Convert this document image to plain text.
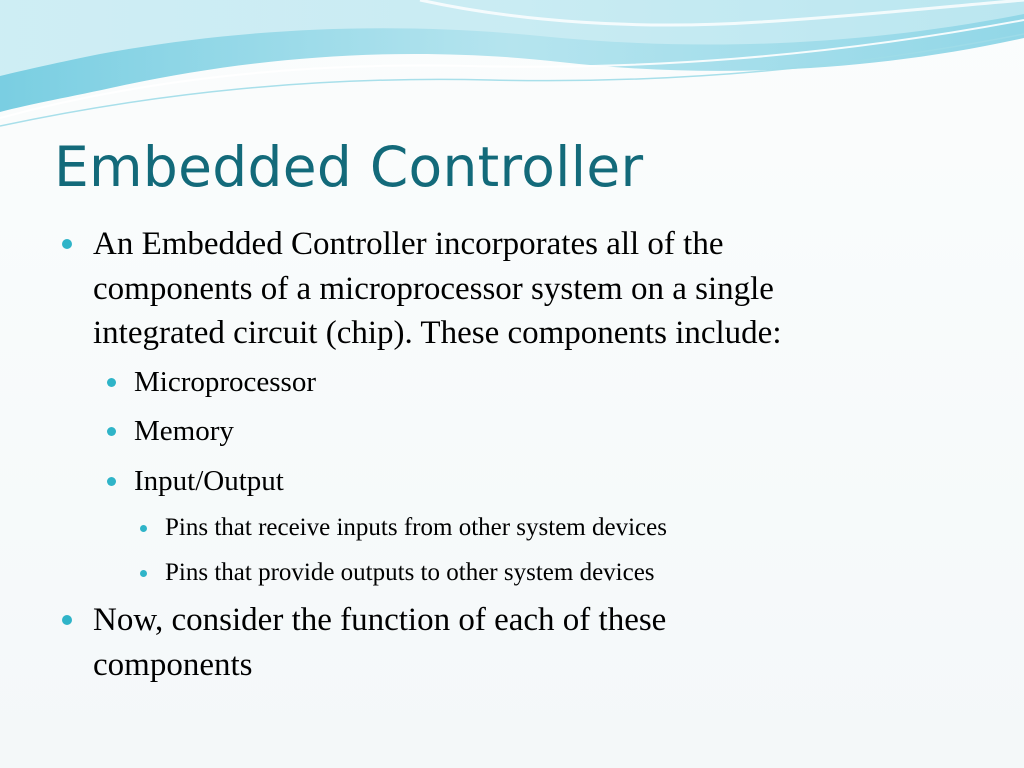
Embedded Controller
An Embedded Controller incorporates all of the
components of a microprocessor system on a single
integrated circuit (chip). These components include:
Microprocessor
Memory
Input/Output
Pins that receive inputs from other system devices
Pins that provide outputs to other system devices
Now, consider the function of each of these
components
